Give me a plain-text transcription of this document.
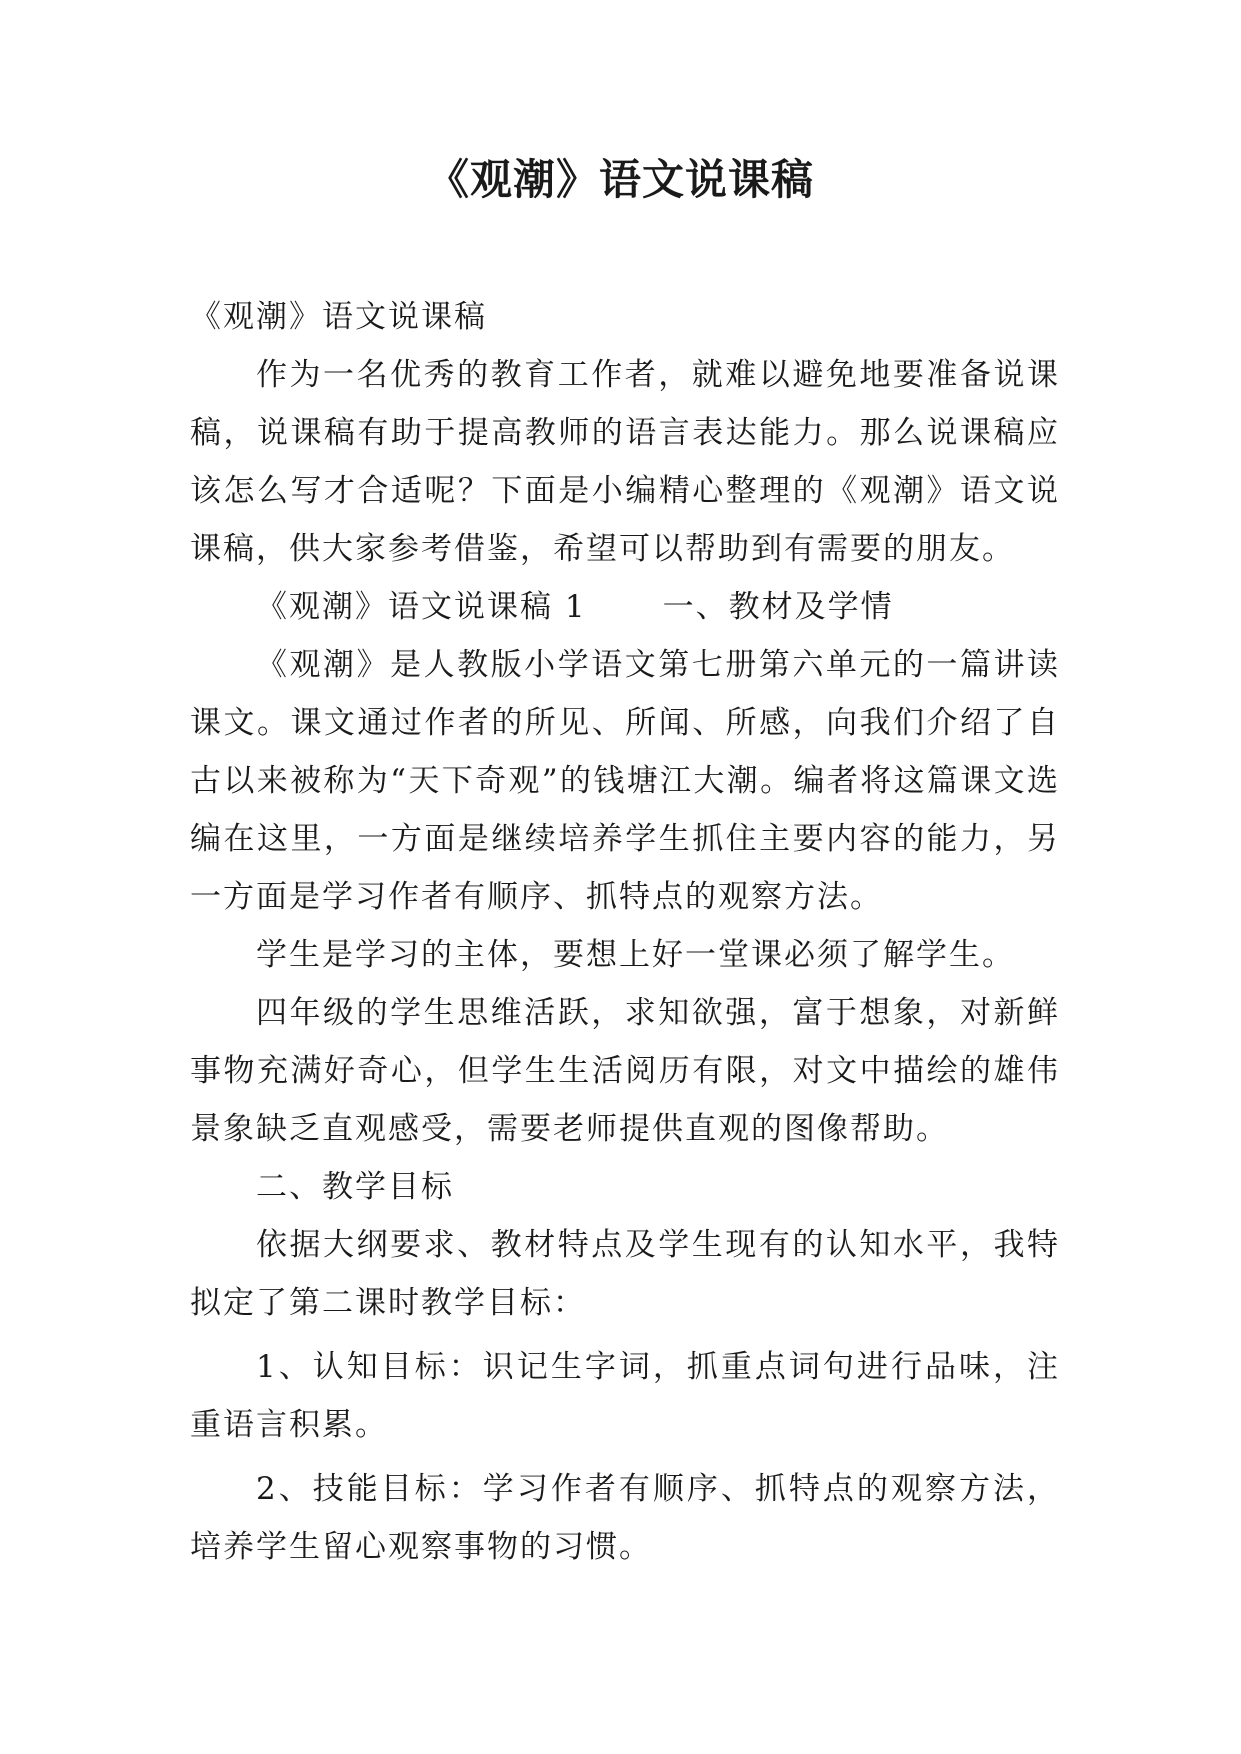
《观潮》语文说课稿

《观潮》语文说课稿

作为一名优秀的教育工作者，就难以避免地要准备说课稿，说课稿有助于提高教师的语言表达能力。那么说课稿应该怎么写才合适呢？下面是小编精心整理的《观潮》语文说课稿，供大家参考借鉴，希望可以帮助到有需要的朋友。

《观潮》语文说课稿 1 一、教材及学情

《观潮》是人教版小学语文第七册第六单元的一篇讲读课文。课文通过作者的所见、所闻、所感，向我们介绍了自古以来被称为“天下奇观”的钱塘江大潮。编者将这篇课文选编在这里，一方面是继续培养学生抓住主要内容的能力，另一方面是学习作者有顺序、抓特点的观察方法。

学生是学习的主体，要想上好一堂课必须了解学生。

四年级的学生思维活跃，求知欲强，富于想象，对新鲜事物充满好奇心，但学生生活阅历有限，对文中描绘的雄伟景象缺乏直观感受，需要老师提供直观的图像帮助。

二、教学目标

依据大纲要求、教材特点及学生现有的认知水平，我特拟定了第二课时教学目标：

1、认知目标：识记生字词，抓重点词句进行品味，注重语言积累。

2、技能目标：学习作者有顺序、抓特点的观察方法，培养学生留心观察事物的习惯。
